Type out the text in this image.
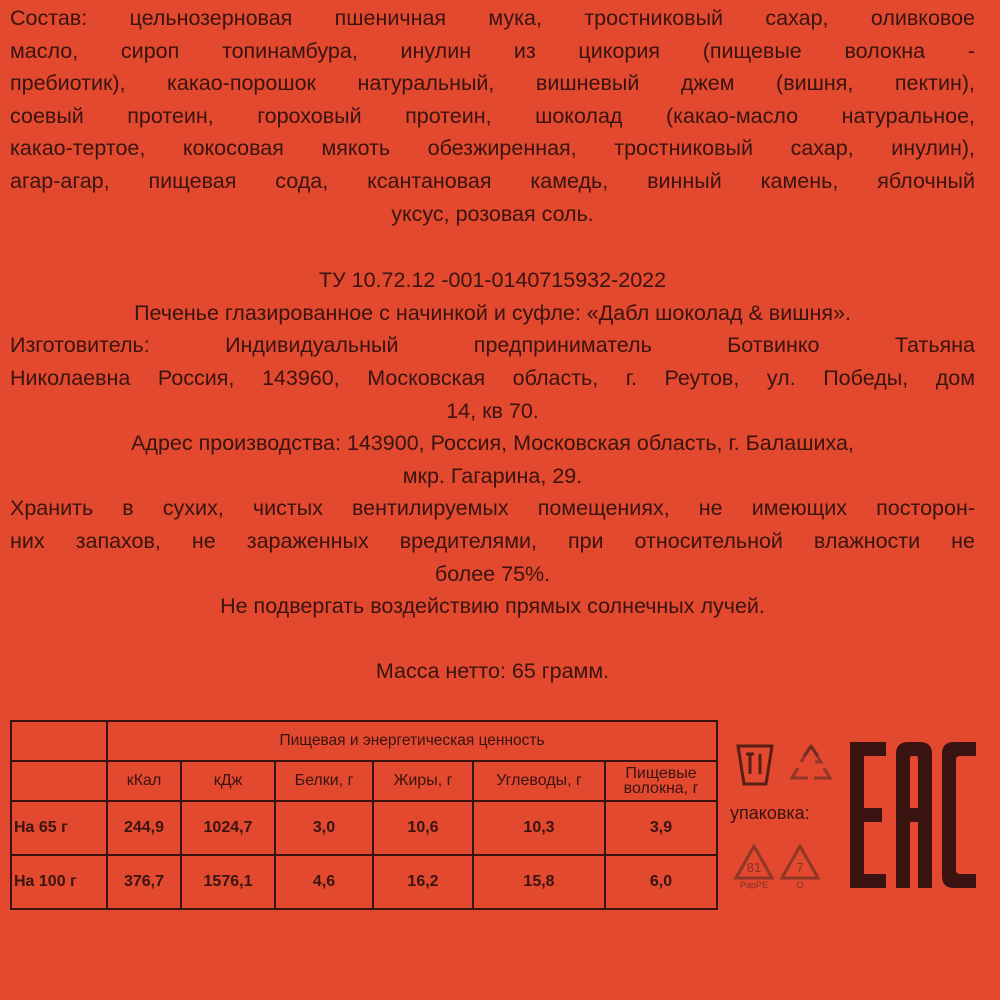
Состав: цельнозерновая пшеничная мука, тростниковый сахар, оливковое

масло, сироп топинамбура, инулин из цикория (пищевые волокна -

пребиотик), какао-порошок натуральный, вишневый джем (вишня, пектин),

соевый протеин, гороховый протеин, шоколад (какао-масло натуральное,

какао-тертое, кокосовая мякоть обезжиренная, тростниковый сахар, инулин),

агар-агар, пищевая сода, ксантановая камедь, винный камень, яблочный

уксус, розовая соль.

ТУ 10.72.12 -001-0140715932-2022

Печенье глазированное с начинкой и суфле: «Дабл шоколад & вишня».

Изготовитель: Индивидуальный предприниматель Ботвинко Татьяна

Николаевна Россия, 143960, Московская область, г. Реутов, ул. Победы, дом

14, кв 70.

Адрес производства: 143900, Россия, Московская область, г. Балашиха,

мкр. Гагарина, 29.

Хранить в сухих, чистых вентилируемых помещениях, не имеющих посторон-

них запахов, не зараженных вредителями, при относительной влажности не

более 75%.

Не подвергать воздействию прямых солнечных лучей.

Масса нетто: 65 грамм.

	Пищевая и энергетическая ценность					
	кКал	кДж	Белки, г	Жиры, г	Углеводы, г	Пищевые волокна, г
На 65 г	244,9	1024,7	3,0	10,6	10,3	3,9
На 100 г	376,7	1576,1	4,6	16,2	15,8	6,0
упаковка:
81
PapPE
7
O
